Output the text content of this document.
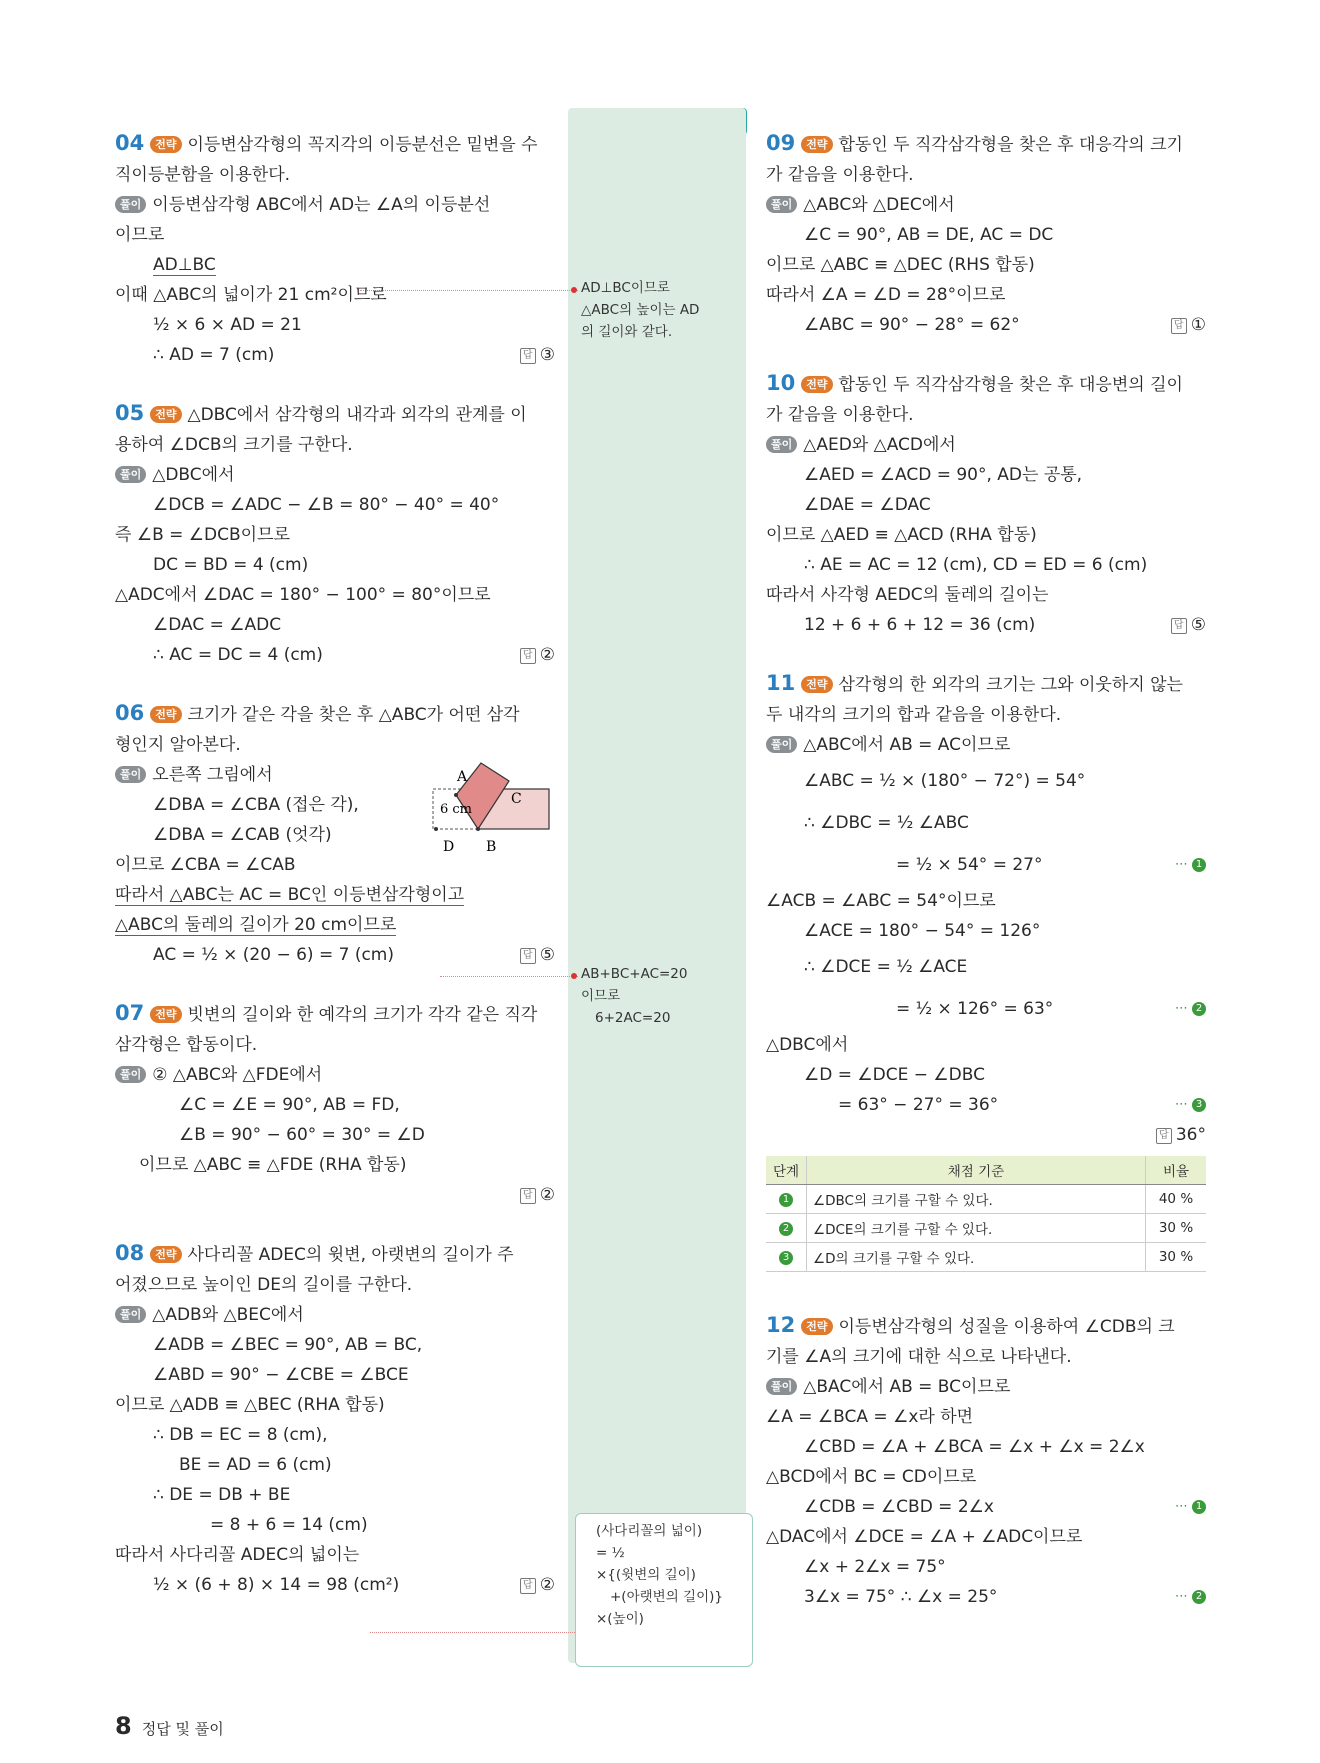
AD⊥BC이므로
△ABC의 높이는 AD
의 길이와 같다.
AB+BC+AC=20
이므로
6+2AC=20
(사다리꼴의 넓이)
= ½
×{(윗변의 길이)
+(아랫변의 길이)}
×(높이)
04 전략 이등변삼각형의 꼭지각의 이등분선은 밑변을 수
직이등분함을 이용한다.
풀이 이등변삼각형 ABC에서 AD는 ∠A의 이등분선
이므로
AD⊥BC
이때 △ABC의 넓이가 21 cm²이므로
½ × 6 × AD = 21
∴ AD = 7 (cm)	답 ③
05 전략 △DBC에서 삼각형의 내각과 외각의 관계를 이
용하여 ∠DCB의 크기를 구한다.
풀이 △DBC에서
∠DCB = ∠ADC − ∠B = 80° − 40° = 40°
즉 ∠B = ∠DCB이므로
DC = BD = 4 (cm)
△ADC에서 ∠DAC = 180° − 100° = 80°이므로
∠DAC = ∠ADC
∴ AC = DC = 4 (cm)	답 ②
06 전략 크기가 같은 각을 찾은 후 △ABC가 어떤 삼각
형인지 알아본다.
풀이 오른쪽 그림에서
∠DBA = ∠CBA (접은 각),
∠DBA = ∠CAB (엇각)
이므로 ∠CBA = ∠CAB
따라서 △ABC는 AC = BC인 이등변삼각형이고
△ABC의 둘레의 길이가 20 cm이므로
AC = ½ × (20 − 6) = 7 (cm)	답 ⑤
A
B
D
C
6 cm
07 전략 빗변의 길이와 한 예각의 크기가 각각 같은 직각
삼각형은 합동이다.
풀이 ② △ABC와 △FDE에서
∠C = ∠E = 90°, AB = FD,
∠B = 90° − 60° = 30° = ∠D
이므로 △ABC ≡ △FDE (RHA 합동)
답 ②

08 전략 사다리꼴 ADEC의 윗변, 아랫변의 길이가 주
어졌으므로 높이인 DE의 길이를 구한다.
풀이 △ADB와 △BEC에서
∠ADB = ∠BEC = 90°, AB = BC,
∠ABD = 90° − ∠CBE = ∠BCE
이므로 △ADB ≡ △BEC (RHA 합동)
∴ DB = EC = 8 (cm),
BE = AD = 6 (cm)
∴ DE = DB + BE
= 8 + 6 = 14 (cm)
따라서 사다리꼴 ADEC의 넓이는
½ × (6 + 8) × 14 = 98 (cm²)	답 ②
09 전략 합동인 두 직각삼각형을 찾은 후 대응각의 크기
가 같음을 이용한다.
풀이 △ABC와 △DEC에서
∠C = 90°, AB = DE, AC = DC
이므로 △ABC ≡ △DEC (RHS 합동)
따라서 ∠A = ∠D = 28°이므로
∠ABC = 90° − 28° = 62°	답 ①
10 전략 합동인 두 직각삼각형을 찾은 후 대응변의 길이
가 같음을 이용한다.
풀이 △AED와 △ACD에서
∠AED = ∠ACD = 90°, AD는 공통,
∠DAE = ∠DAC
이므로 △AED ≡ △ACD (RHA 합동)
∴ AE = AC = 12 (cm), CD = ED = 6 (cm)
따라서 사각형 AEDC의 둘레의 길이는
12 + 6 + 6 + 12 = 36 (cm)	답 ⑤
11 전략 삼각형의 한 외각의 크기는 그와 이웃하지 않는
두 내각의 크기의 합과 같음을 이용한다.
풀이 △ABC에서 AB = AC이므로
∠ABC = ½ × (180° − 72°) = 54°
∴ ∠DBC = ½ ∠ABC
= ½ × 54° = 27°	⋯ 1
∠ACB = ∠ABC = 54°이므로
∠ACE = 180° − 54° = 126°
∴ ∠DCE = ½ ∠ACE
= ½ × 126° = 63°	⋯ 2
△DBC에서
∠D = ∠DCE − ∠DBC
= 63° − 27° = 36°	⋯ 3
답 36°

단계	채점 기준	비율
1	∠DBC의 크기를 구할 수 있다.	40 %
2	∠DCE의 크기를 구할 수 있다.	30 %
3	∠D의 크기를 구할 수 있다.	30 %
12 전략 이등변삼각형의 성질을 이용하여 ∠CDB의 크
기를 ∠A의 크기에 대한 식으로 나타낸다.
풀이 △BAC에서 AB = BC이므로
∠A = ∠BCA = ∠x라 하면
∠CBD = ∠A + ∠BCA = ∠x + ∠x = 2∠x
△BCD에서 BC = CD이므로
∠CDB = ∠CBD = 2∠x	⋯ 1
△DAC에서 ∠DCE = ∠A + ∠ADC이므로
∠x + 2∠x = 75°
3∠x = 75° ∴ ∠x = 25°	⋯ 2
8 정답 및 풀이
